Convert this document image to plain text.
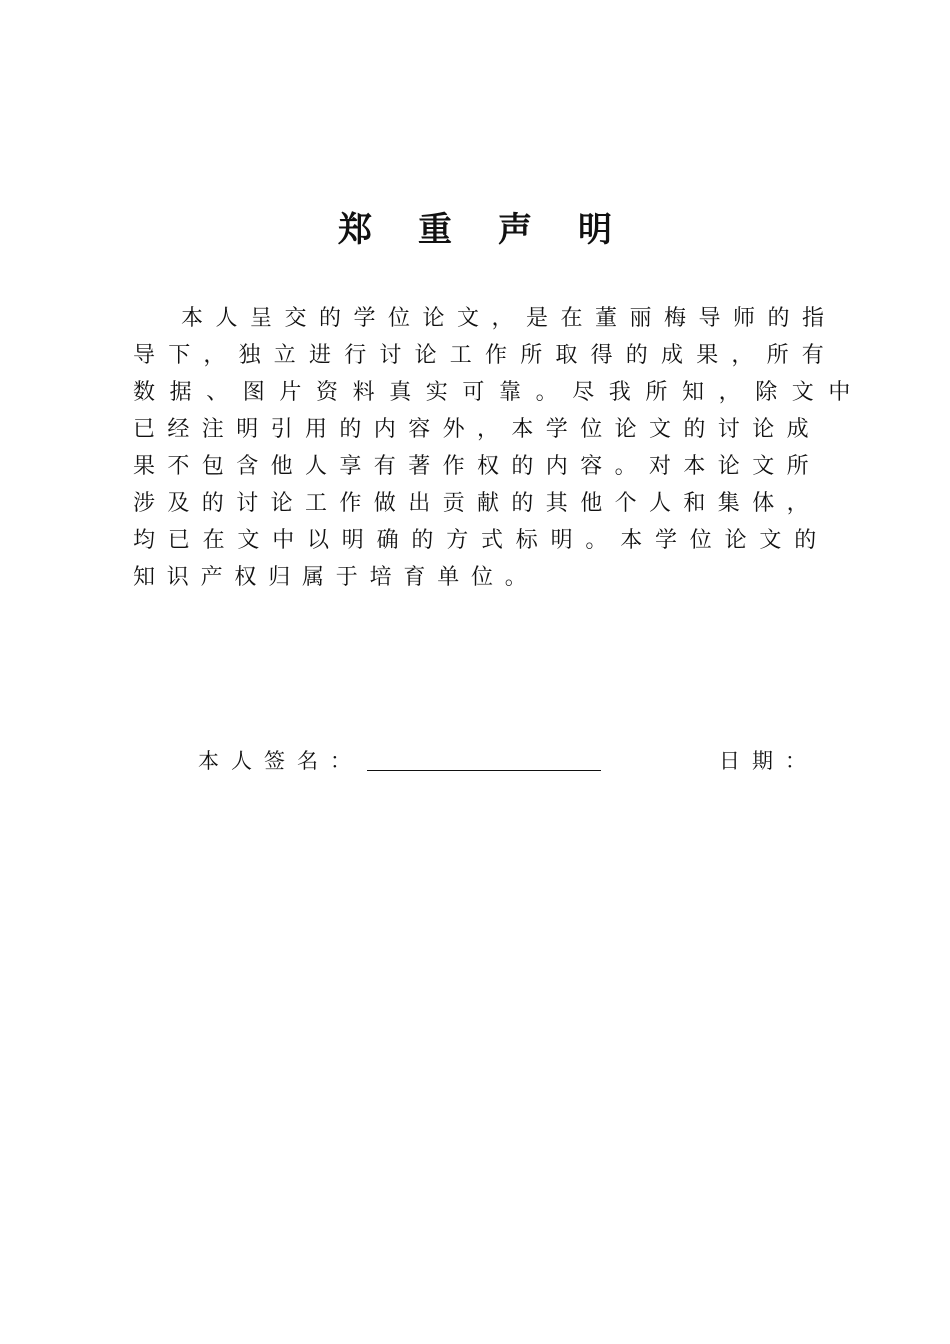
郑重声明
本人呈交的学位论文，是在董丽梅导师的指
导下，独立进行讨论工作所取得的成果，所有
数据、图片资料真实可靠。尽我所知，除文中
已经注明引用的内容外，本学位论文的讨论成
果不包含他人享有著作权的内容。对本论文所
涉及的讨论工作做出贡献的其他个人和集体，
均已在文中以明确的方式标明。本学位论文的
知识产权归属于培育单位。
本人签名：	日期：
